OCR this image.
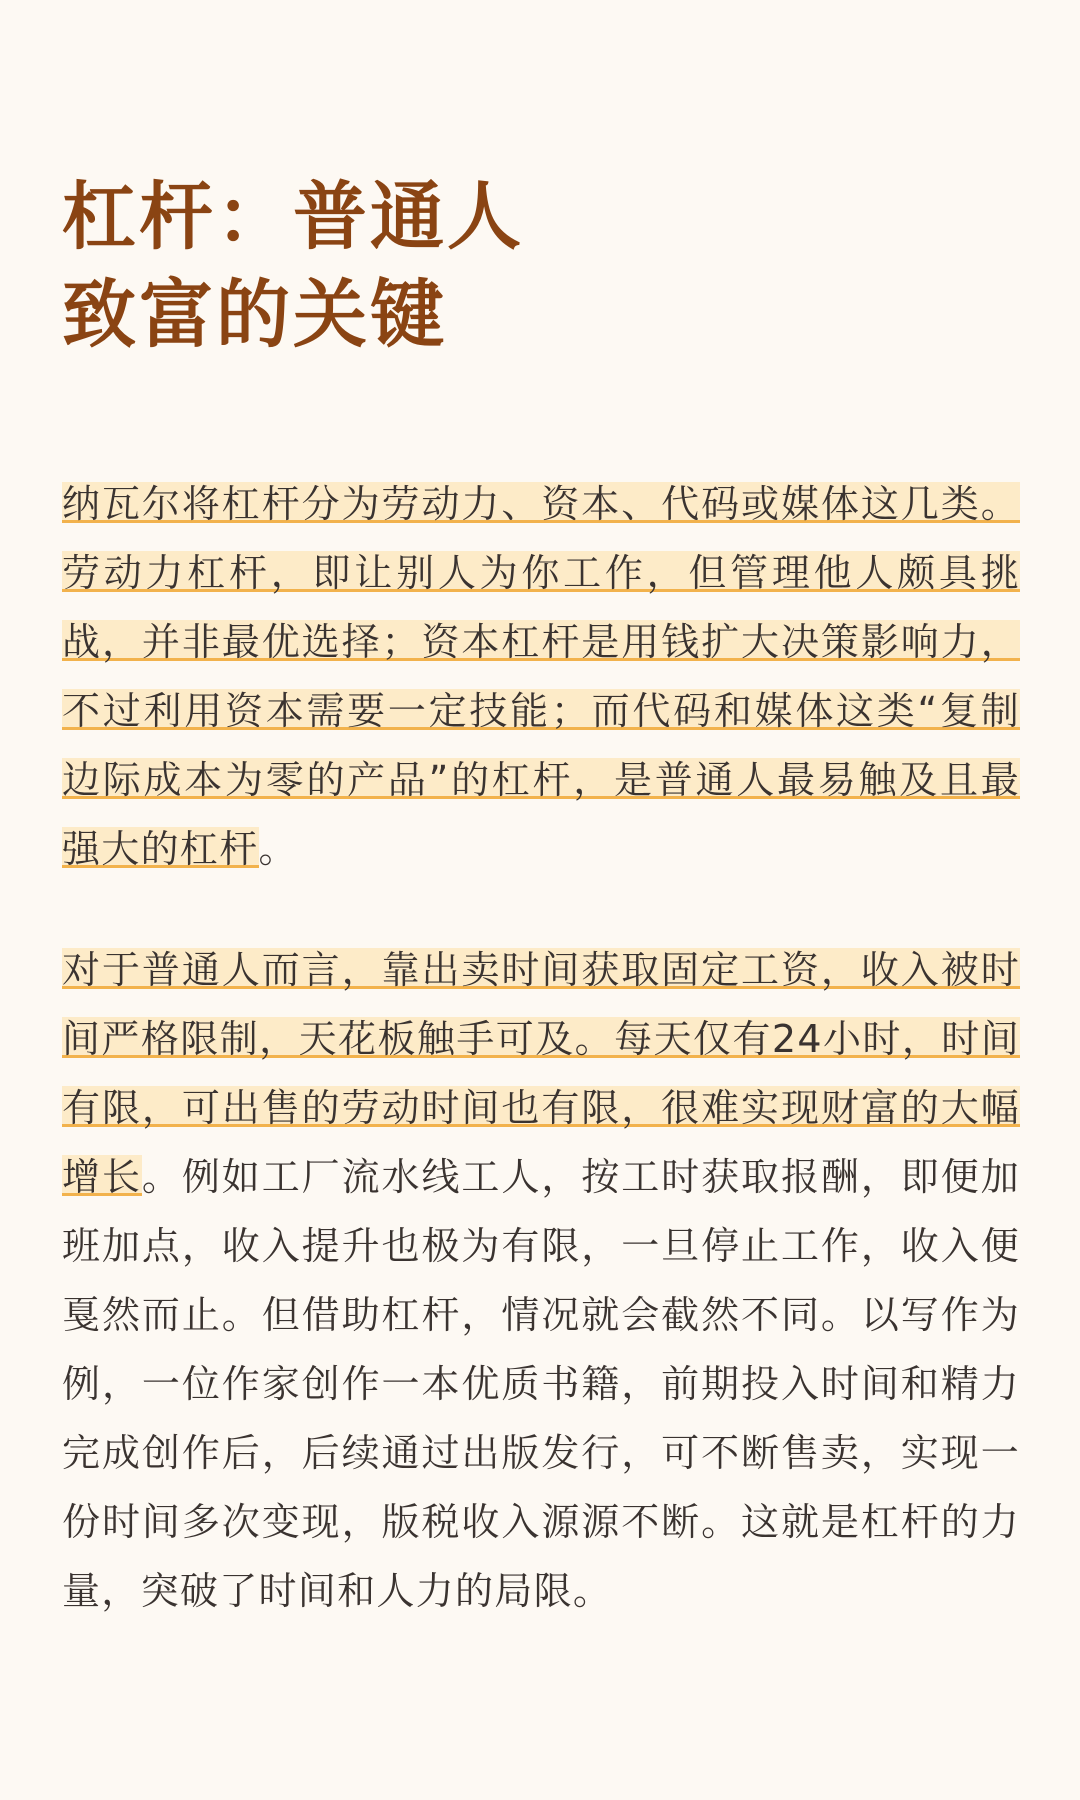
杠杆：普通人
致富的关键

纳瓦尔将杠杆分为劳动力、资本、代码或媒体这几类。劳动力杠杆，即让别人为你工作，但管理他人颇具挑战，并非最优选择；资本杠杆是用钱扩大决策影响力，不过利用资本需要一定技能；而代码和媒体这类“复制边际成本为零的产品”的杠杆，是普通人最易触及且最强大的杠杆。

对于普通人而言，靠出卖时间获取固定工资，收入被时间严格限制，天花板触手可及。每天仅有24小时，时间有限，可出售的劳动时间也有限，很难实现财富的大幅增长。例如工厂流水线工人，按工时获取报酬，即便加班加点，收入提升也极为有限，一旦停止工作，收入便戛然而止。但借助杠杆，情况就会截然不同。以写作为例，一位作家创作一本优质书籍，前期投入时间和精力完成创作后，后续通过出版发行，可不断售卖，实现一份时间多次变现，版税收入源源不断。这就是杠杆的力量，突破了时间和人力的局限。
